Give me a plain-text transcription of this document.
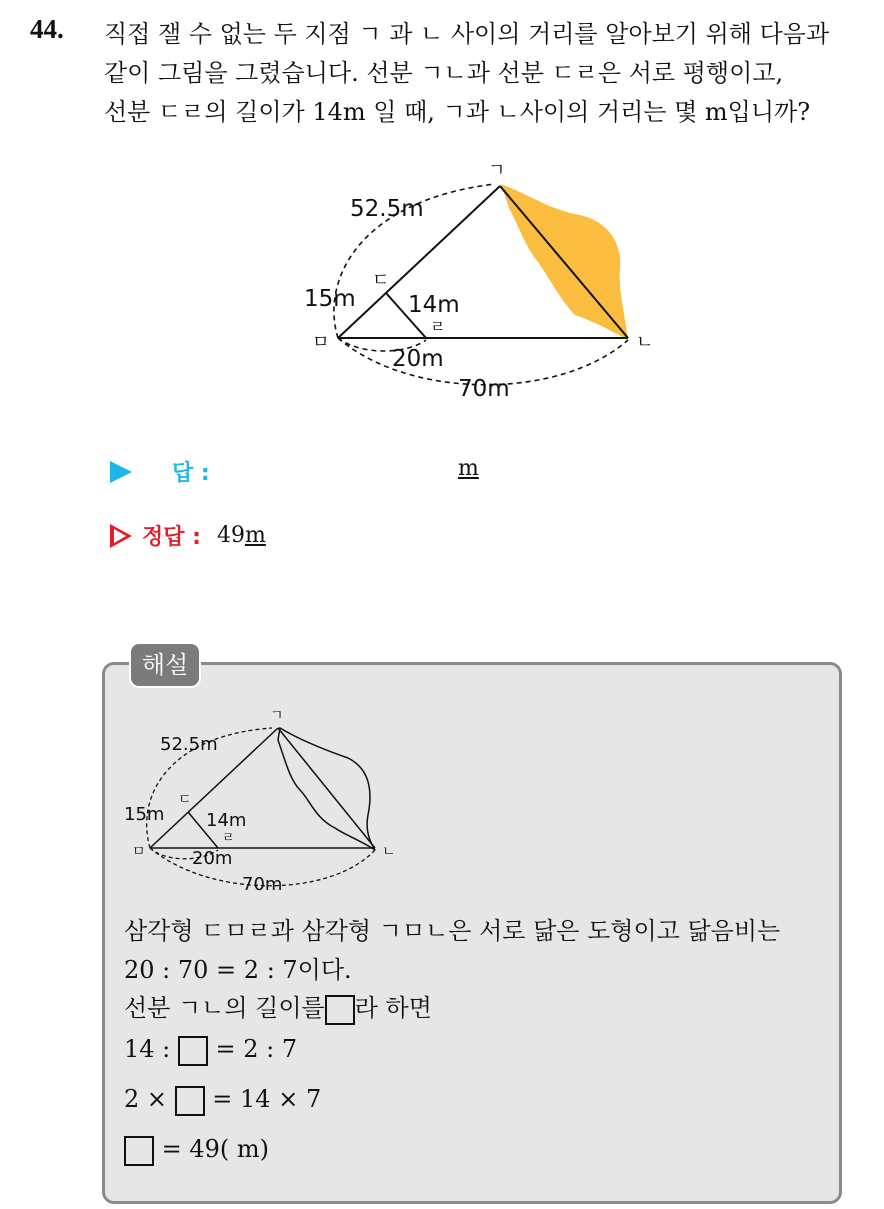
44. 직접 잴 수 없는 두 지점 ㄱ 과 ㄴ 사이의 거리를 알아보기 위해 다음과
같이 그림을 그렸습니다. 선분 ㄱㄴ과 선분 ㄷㄹ은 서로 평행이고,
선분 ㄷㄹ의 길이가 14m 일 때, ㄱ과 ㄴ사이의 거리는 몇 m입니까?
ㄱ
ㄴ
ㄷ
ㄹ
ㅁ
52.5m
15m 14m
20m
70m
답 :	m
정답 : 49m
해설
ㄱ
ㄴ
ㄷ
ㄹ
ㅁ
52.5m
15m 14m
20m
70m
삼각형 ㄷㅁㄹ과 삼각형 ㄱㅁㄴ은 서로 닮은 도형이고 닮음비는
20 : 70 = 2 : 7이다.
선분 ㄱㄴ의 길이를 라 하면
14 : = 2 : 7
2 × = 14 × 7
= 49( m)
